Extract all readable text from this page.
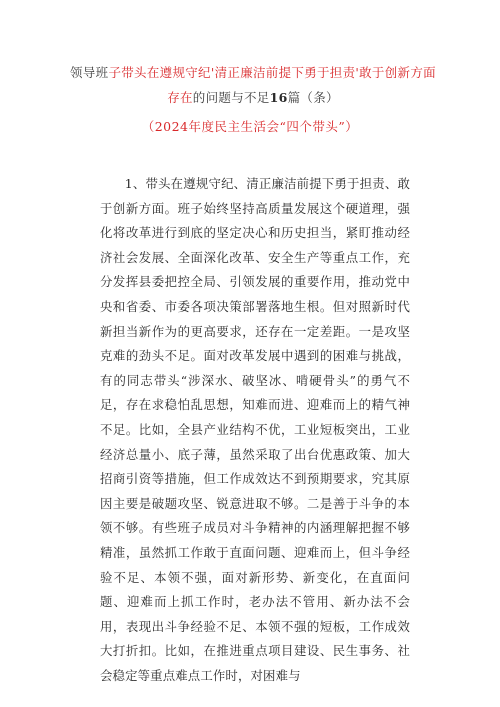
领导班子带头在遵规守纪'清正廉洁前提下勇于担责'敢于创新方面存在的问题与不足16篇（条）
（2024年度民主生活会“四个带头”）
1、带头在遵规守纪、清正廉洁前提下勇于担责、敢于创新方面。班子始终坚持高质量发展这个硬道理，强化将改革进行到底的坚定决心和历史担当，紧盯推动经济社会发展、全面深化改革、安全生产等重点工作，充分发挥县委把控全局、引领发展的重要作用，推动党中央和省委、市委各项决策部署落地生根。但对照新时代新担当新作为的更高要求，还存在一定差距。一是攻坚克难的劲头不足。面对改革发展中遇到的困难与挑战，有的同志带头“涉深水、破坚冰、啃硬骨头”的勇气不足，存在求稳怕乱思想，知难而进、迎难而上的精气神不足。比如，全县产业结构不优，工业短板突出，工业经济总量小、底子薄，虽然采取了出台优惠政策、加大招商引资等措施，但工作成效达不到预期要求，究其原因主要是破题攻坚、锐意进取不够。二是善于斗争的本领不够。有些班子成员对斗争精神的内涵理解把握不够精准，虽然抓工作敢于直面问题、迎难而上，但斗争经验不足、本领不强，面对新形势、新变化，在直面问题、迎难而上抓工作时，老办法不管用、新办法不会用，表现出斗争经验不足、本领不强的短板，工作成效大打折扣。比如，在推进重点项目建设、民生事务、社会稳定等重点难点工作时，对困难与
